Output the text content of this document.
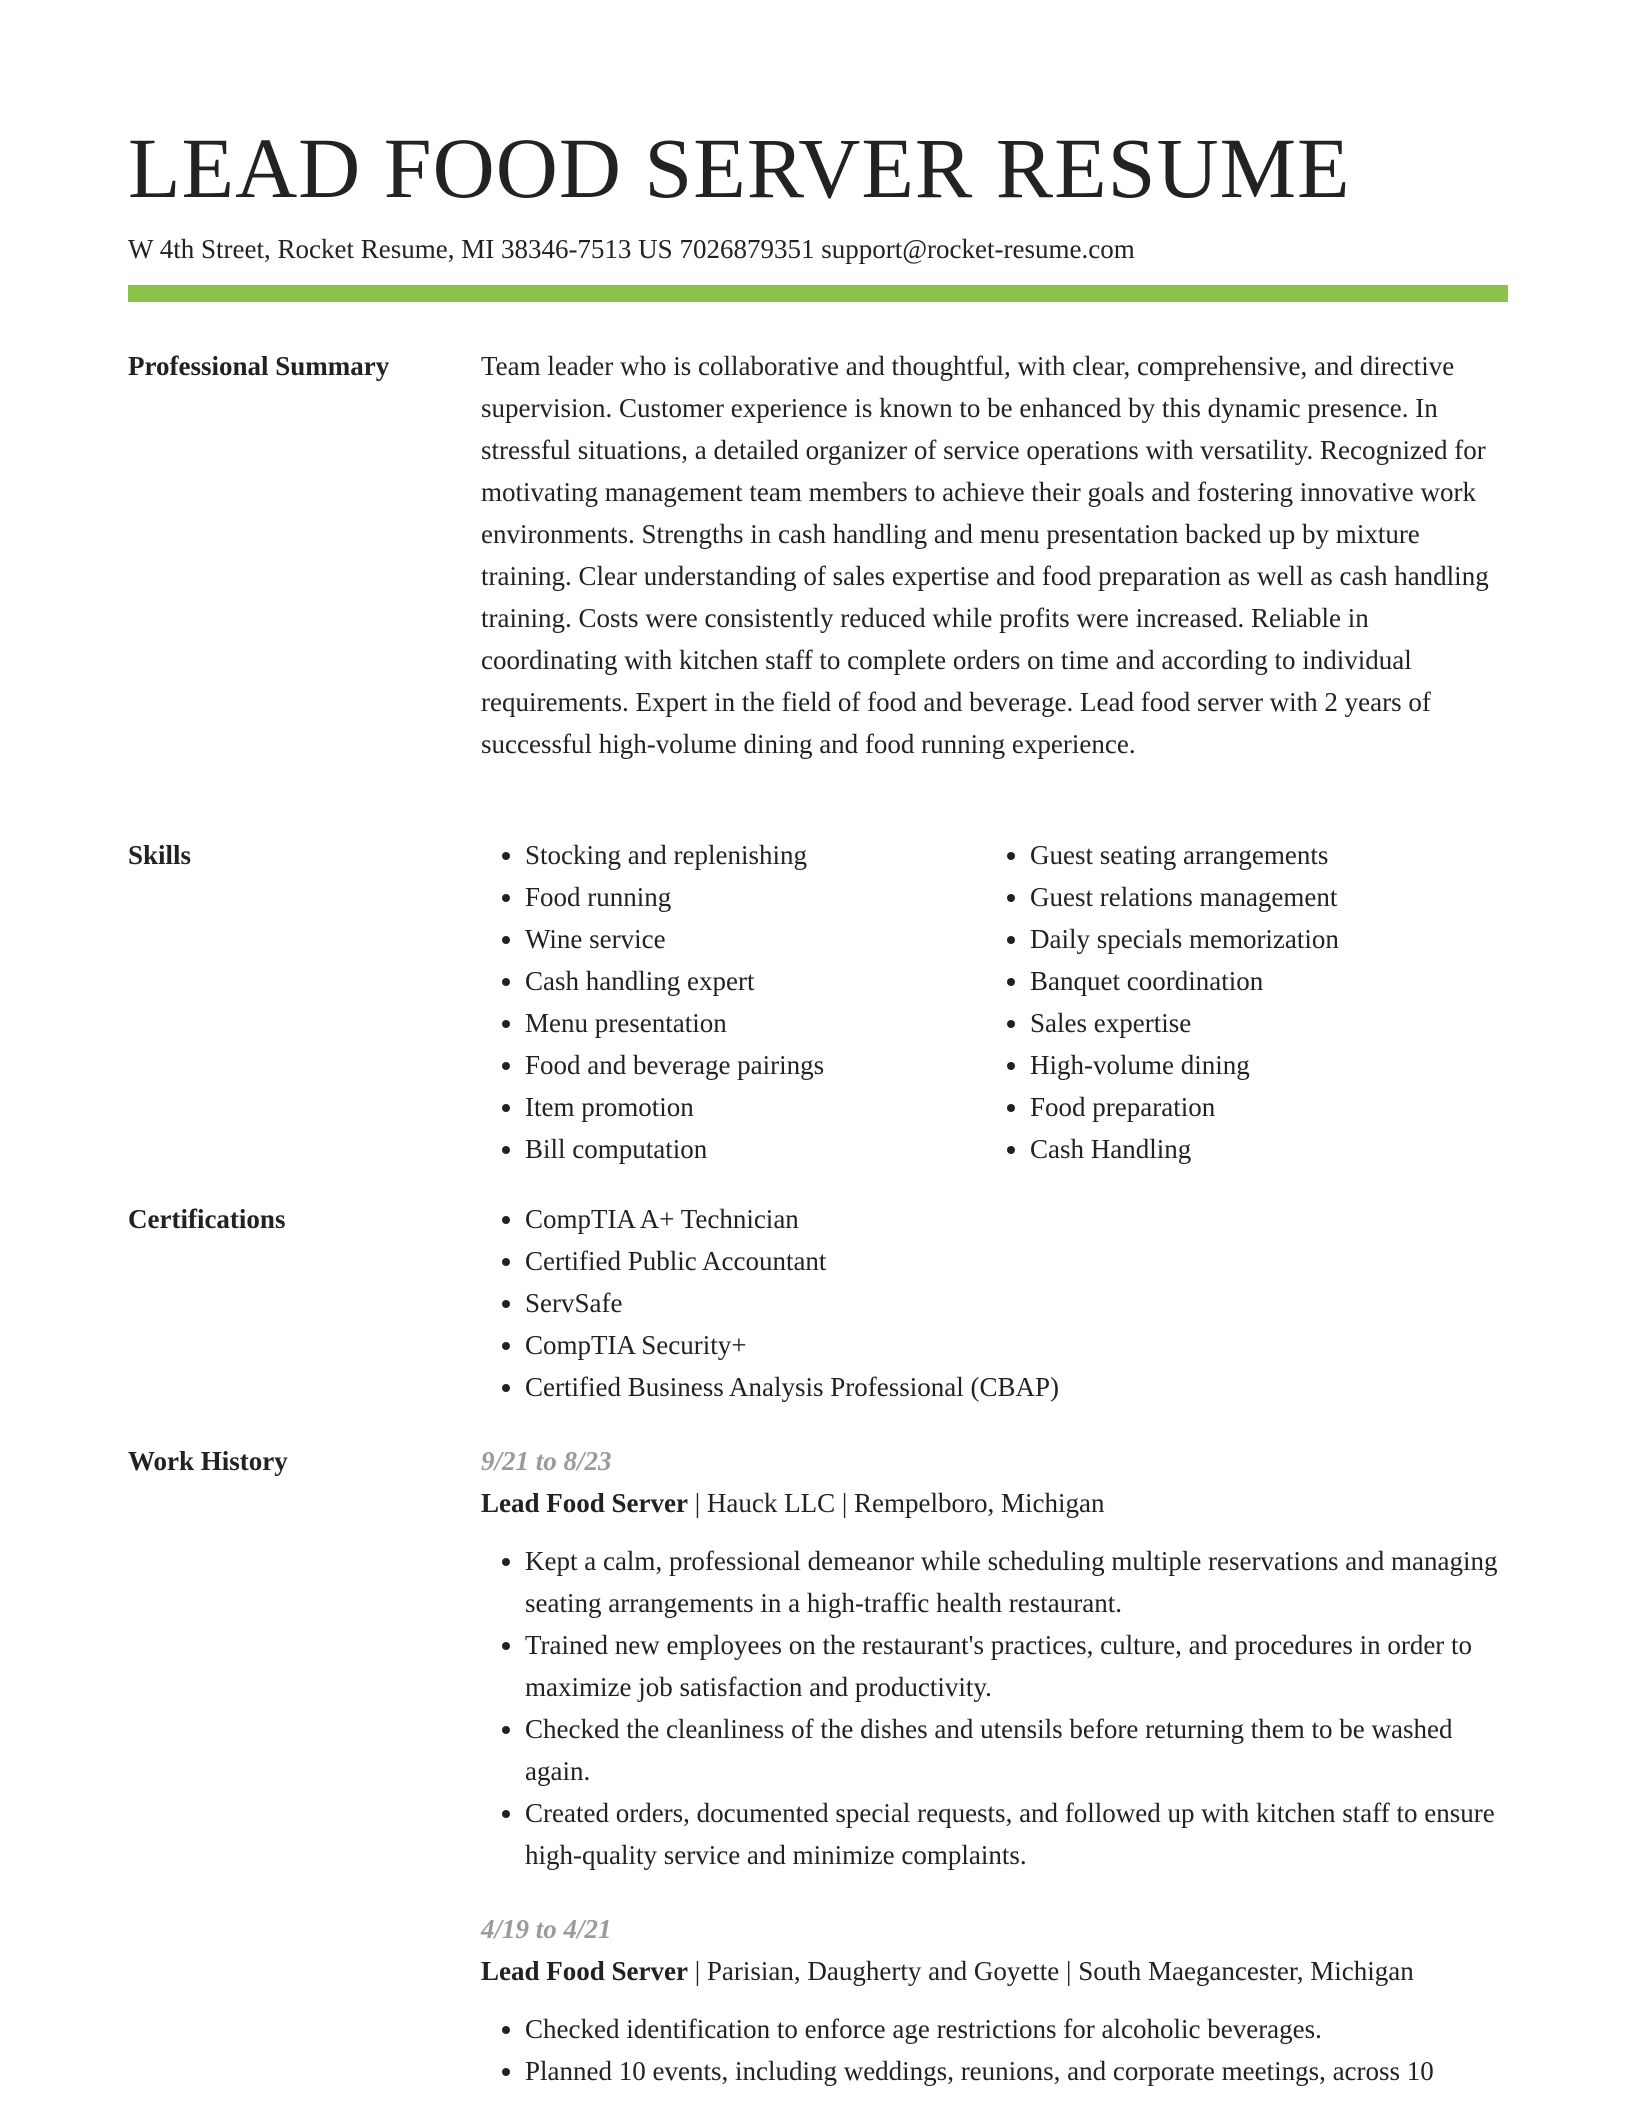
LEAD FOOD SERVER RESUME
W 4th Street, Rocket Resume, MI 38346-7513 US 7026879351 support@rocket-resume.com
Professional Summary	Team leader who is collaborative and thoughtful, with clear, comprehensive, and directive supervision. Customer experience is known to be enhanced by this dynamic presence. In stressful situations, a detailed organizer of service operations with versatility. Recognized for motivating management team members to achieve their goals and fostering innovative work environments. Strengths in cash handling and menu presentation backed up by mixture training. Clear understanding of sales expertise and food preparation as well as cash handling training. Costs were consistently reduced while profits were increased. Reliable in coordinating with kitchen staff to complete orders on time and according to individual requirements. Expert in the field of food and beverage. Lead food server with 2 years of successful high-volume dining and food running experience.

Skills	• Stocking and replenishing
• Food running
• Wine service
• Cash handling expert
• Menu presentation
• Food and beverage pairings
• Item promotion
• Bill computation
• Guest seating arrangements
• Guest relations management
• Daily specials memorization
• Banquet coordination
• Sales expertise
• High-volume dining
• Food preparation
• Cash Handling
Certifications	• CompTIA A+ Technician
• Certified Public Accountant
• ServSafe
• CompTIA Security+
• Certified Business Analysis Professional (CBAP)
Work History	9/21 to 8/23
Lead Food Server | Hauck LLC | Rempelboro, Michigan
• Kept a calm, professional demeanor while scheduling multiple reservations and managing seating arrangements in a high-traffic health restaurant.
• Trained new employees on the restaurant's practices, culture, and procedures in order to maximize job satisfaction and productivity.
• Checked the cleanliness of the dishes and utensils before returning them to be washed again.
• Created orders, documented special requests, and followed up with kitchen staff to ensure high-quality service and minimize complaints.
4/19 to 4/21
Lead Food Server | Parisian, Daugherty and Goyette | South Maegancester, Michigan
• Checked identification to enforce age restrictions for alcoholic beverages.
• Planned 10 events, including weddings, reunions, and corporate meetings, across 10
